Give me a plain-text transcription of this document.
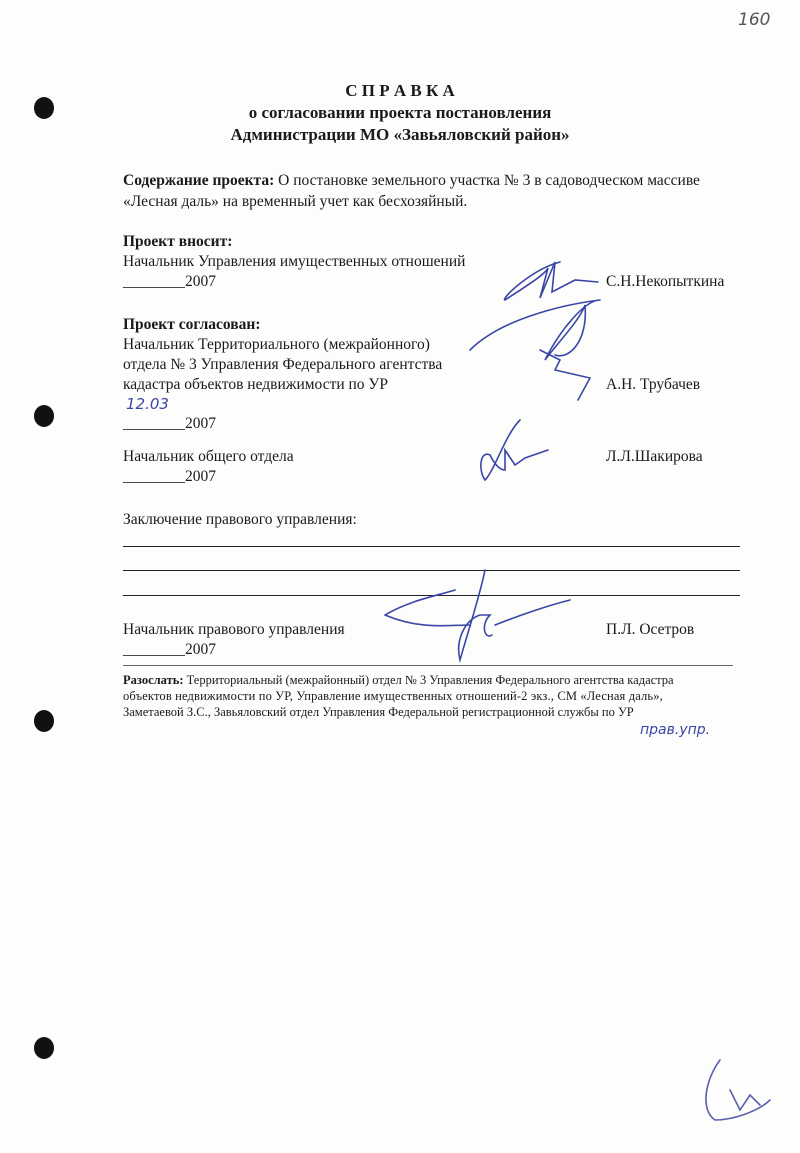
160
С П Р А В К А
о согласовании проекта постановления
Администрации МО «Завьяловский район»
Содержание проекта: О постановке земельного участка № 3 в садоводческом массиве
«Лесная даль» на временный учет как бесхозяйный.
Проект вносит:
Начальник Управления имущественных отношений
________2007	С.Н.Некопыткина
Проект согласован:
Начальник Территориального (межрайонного)
отдела № 3 Управления Федерального агентства
кадастра объектов недвижимости по УР	А.Н. Трубачев
12.03
________2007
Начальник общего отдела
________2007
Л.Л.Шакирова
Заключение правового управления:
Начальник правового управления
________2007
П.Л. Осетров
Разослать: Территориальный (межрайонный) отдел № 3 Управления Федерального агентства кадастра
объектов недвижимости по УР, Управление имущественных отношений-2 экз., СМ «Лесная даль»,
Заметаевой З.С., Завьяловский отдел Управления Федеральной регистрационной службы по УР
прав.упр.
